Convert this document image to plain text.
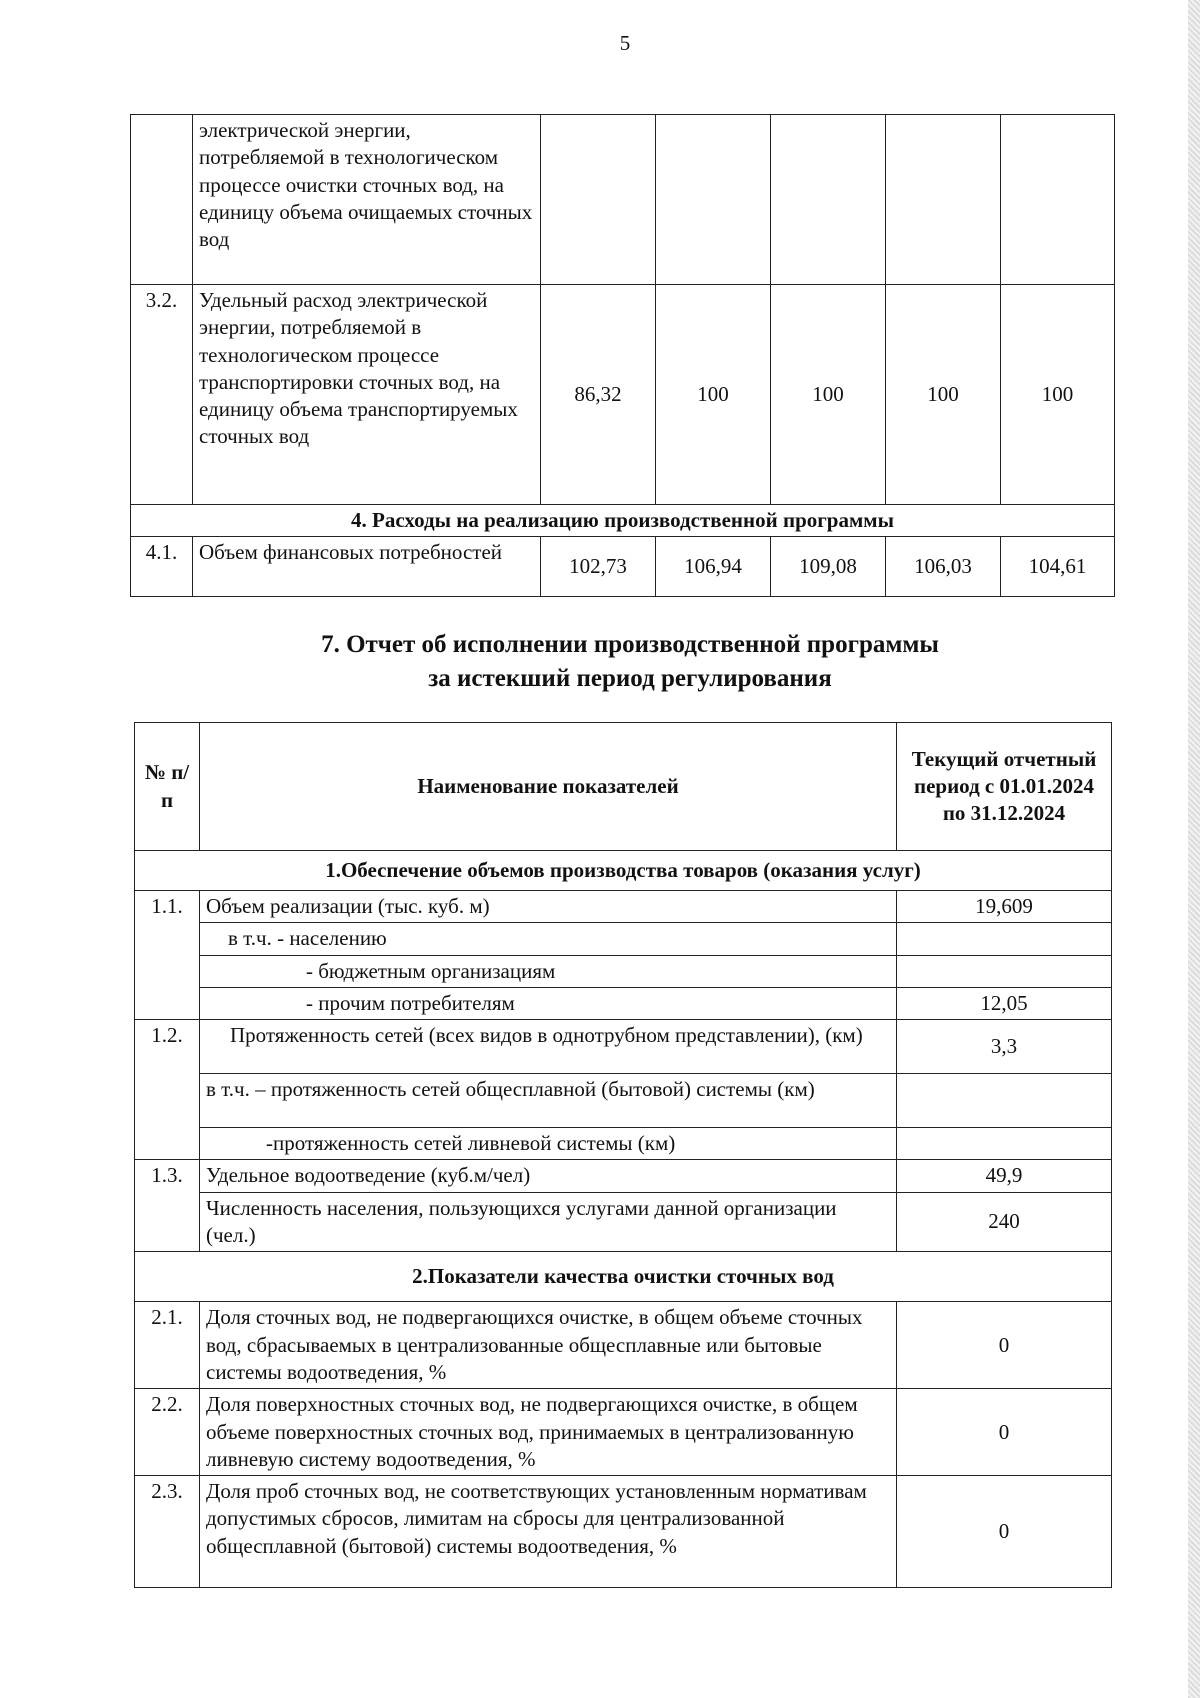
5
	электрической энергии, потребляемой в технологическом процессе очистки сточных вод, на единицу объема очищаемых сточных вод					
3.2.	Удельный расход электрической энергии, потребляемой в технологическом процессе транспортировки сточных вод, на единицу объема транспортируемых сточных вод	86,32	100	100	100	100
4. Расходы на реализацию производственной программы						
4.1.	Объем финансовых потребностей	102,73	106,94	109,08	106,03	104,61
7. Отчет об исполнении производственной программы
за истекший период регулирования
№ п/п	Наименование показателей	Текущий отчетный период с 01.01.2024 по 31.12.2024
1.Обеспечение объемов производства товаров (оказания услуг)		
1.1.	Объем реализации (тыс. куб. м)	19,609
	в т.ч. - населению	
	- бюджетным организациям	
	- прочим потребителям	12,05
1.2.	Протяженность сетей (всех видов в однотрубном представлении), (км)	3,3
	в т.ч. – протяженность сетей общесплавной (бытовой) системы (км)	
	-протяженность сетей ливневой системы (км)	
1.3.	Удельное водоотведение (куб.м/чел)	49,9
	Численность населения, пользующихся услугами данной организации (чел.)	240
2.Показатели качества очистки сточных вод		
2.1.	Доля сточных вод, не подвергающихся очистке, в общем объеме сточных вод, сбрасываемых в централизованные общесплавные или бытовые системы водоотведения, %	0
2.2.	Доля поверхностных сточных вод, не подвергающихся очистке, в общем объеме поверхностных сточных вод, принимаемых в централизованную ливневую систему водоотведения, %	0
2.3.	Доля проб сточных вод, не соответствующих установленным нормативам допустимых сбросов, лимитам на сбросы для централизованной общесплавной (бытовой) системы водоотведения, %	0
